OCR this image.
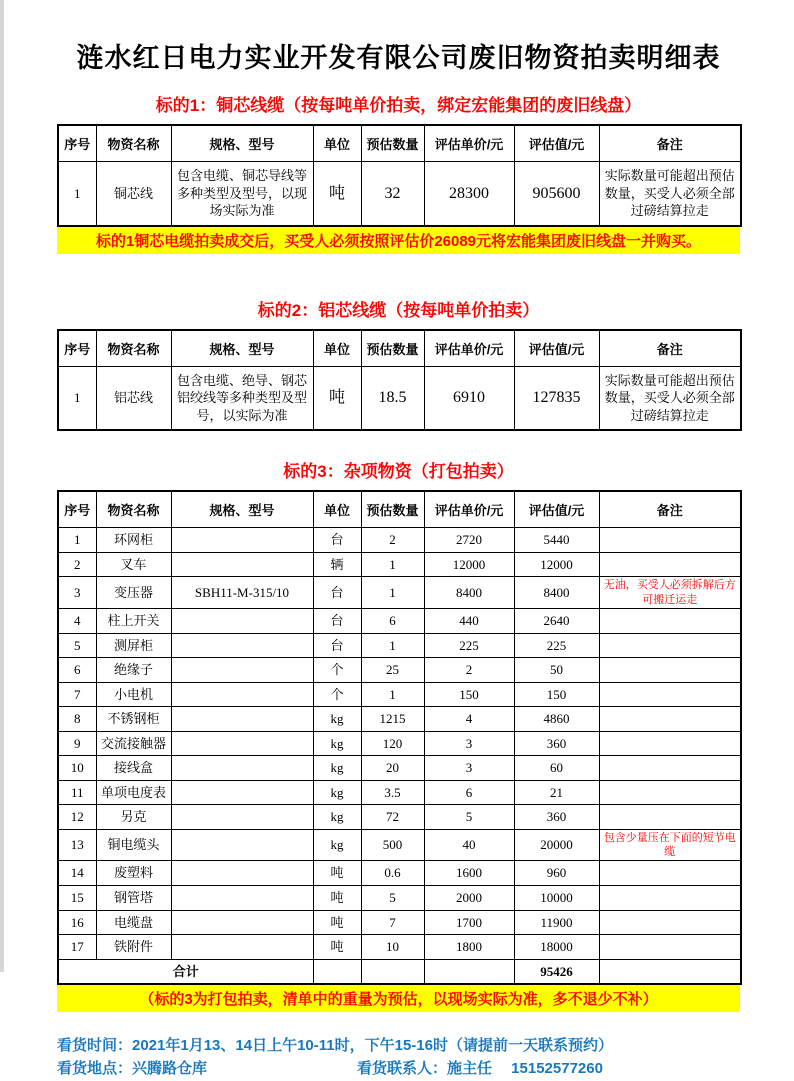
涟水红日电力实业开发有限公司废旧物资拍卖明细表
标的1：铜芯线缆（按每吨单价拍卖，绑定宏能集团的废旧线盘）
序号	物资名称	规格、型号	单位	预估数量	评估单价/元	评估值/元	备注
1	铜芯线	包含电缆、铜芯导线等多种类型及型号，以现场实际为准	吨	32	28300	905600	实际数量可能超出预估数量，买受人必须全部过磅结算拉走
标的1铜芯电缆拍卖成交后，买受人必须按照评估价26089元将宏能集团废旧线盘一并购买。
标的2：铝芯线缆（按每吨单价拍卖）
序号	物资名称	规格、型号	单位	预估数量	评估单价/元	评估值/元	备注
1	铝芯线	包含电缆、绝导、钢芯铝绞线等多种类型及型号，以实际为准	吨	18.5	6910	127835	实际数量可能超出预估数量，买受人必须全部过磅结算拉走
标的3：杂项物资（打包拍卖）
序号	物资名称	规格、型号	单位	预估数量	评估单价/元	评估值/元	备注
1	环网柜		台	2	2720	5440	
2	叉车		辆	1	12000	12000	
3	变压器	SBH11-M-315/10	台	1	8400	8400	无油，买受人必须拆解后方可搬迁运走
4	柱上开关		台	6	440	2640	
5	测屏柜		台	1	225	225	
6	绝缘子		个	25	2	50	
7	小电机		个	1	150	150	
8	不锈钢柜		kg	1215	4	4860	
9	交流接触器		kg	120	3	360	
10	接线盒		kg	20	3	60	
11	单项电度表		kg	3.5	6	21	
12	另克		kg	72	5	360	
13	铜电缆头		kg	500	40	20000	包含少量压在下面的短节电缆
14	废塑料		吨	0.6	1600	960	
15	钢管塔		吨	5	2000	10000	
16	电缆盘		吨	7	1700	11900	
17	铁附件		吨	10	1800	18000	
合计						95426	
（标的3为打包拍卖，清单中的重量为预估，以现场实际为准，多不退少不补）
看货时间：2021年1月13、14日上午10-11时，下午15-16时（请提前一天联系预约）
看货地点：兴腾路仓库	看货联系人：施主任　 15152577260
